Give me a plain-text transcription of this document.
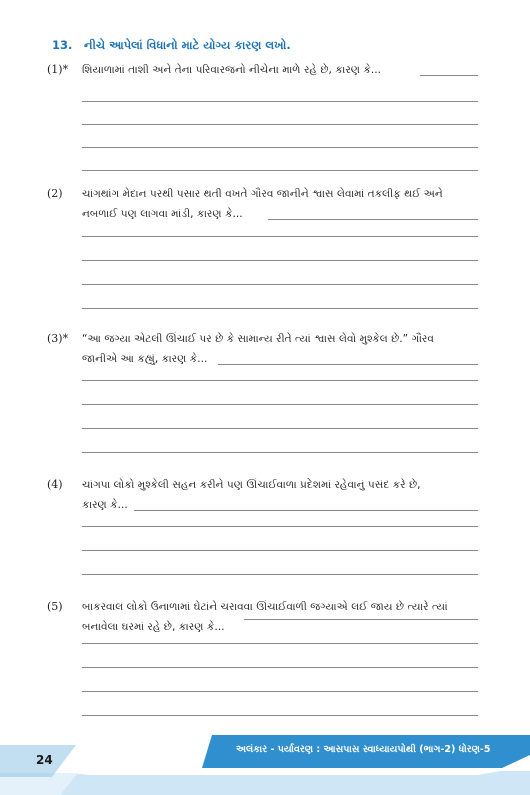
13. નીચે આપેલાં વિધાનો માટે યોગ્ય કારણ લખો.
(1)* શિયાળામાં તાશી અને તેના પરિવારજનો નીચેના માળે રહે છે, કારણ કે...
(2) ચાંગથાંગ મેદાન પરથી પસાર થતી વખતે ગૌરવ જાનીને શ્વાસ લેવામાં તકલીફ થઈ અને
નબળાઈ પણ લાગવા માંડી, કારણ કે...
(3)* “આ જગ્યા એટલી ઊંચાઈ પર છે કે સામાન્ય રીતે ત્યાં શ્વાસ લેવો મુશ્કેલ છે.” ગૌરવ
જાનીએ આ કહ્યું, કારણ કે...
(4) ચાંગપા લોકો મુશ્કેલી સહન કરીને પણ ઊંચાઈવાળા પ્રદેશમાં રહેવાનું પસંદ કરે છે,
કારણ કે...
(5) બાકરવાલ લોકો ઉનાળામાં ઘેટાંને ચરાવવા ઊંચાઈવાળી જગ્યાએ લઈ જાય છે ત્યારે ત્યાં
બનાવેલા ઘરમાં રહે છે, કારણ કે...
24
અલંકાર - પર્યાવરણ : આસપાસ સ્વાધ્યાયપોથી (ભાગ-2) ધોરણ-5
